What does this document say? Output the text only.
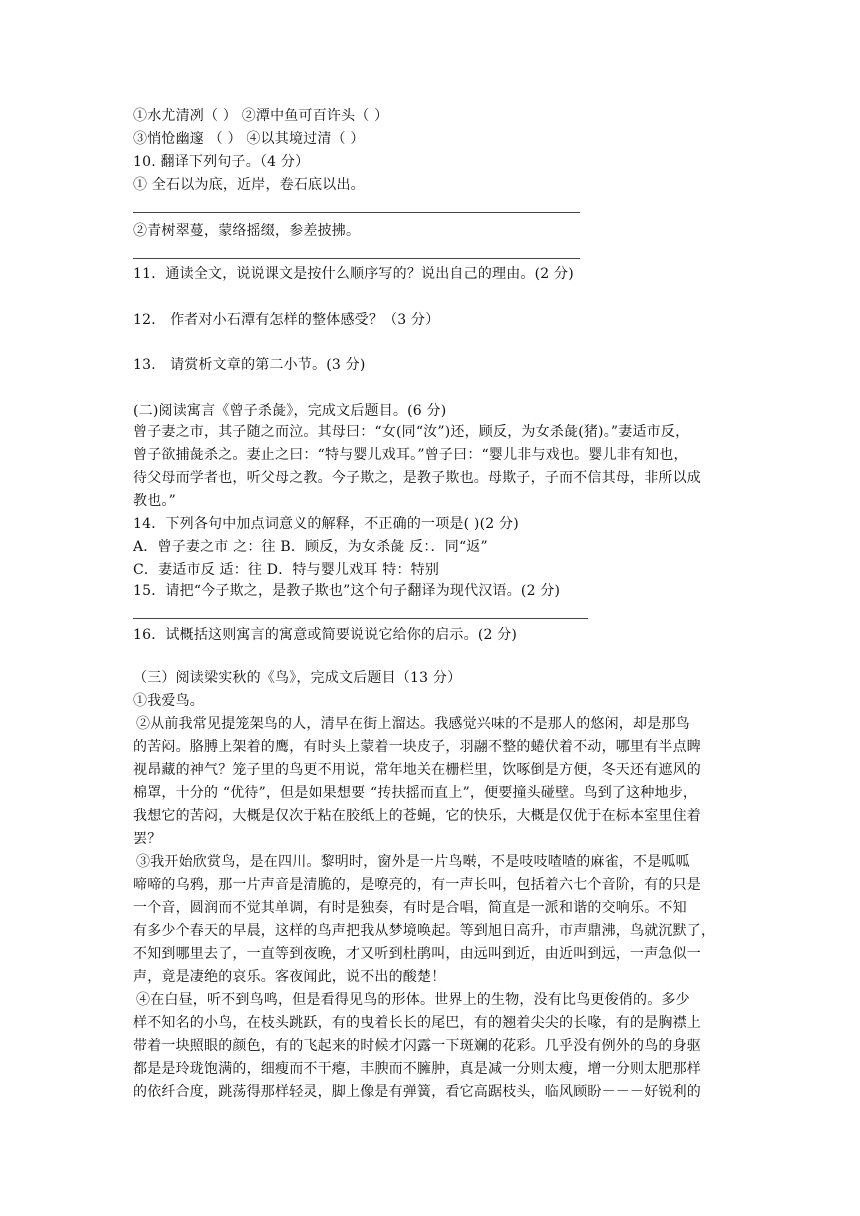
①水尤清冽（ ） ②潭中鱼可百许头（ ）
③悄怆幽邃 （ ） ④以其境过清（ ）
10. 翻译下列句子。（4 分）
① 全石以为底，近岸，卷石底以出。
②青树翠蔓，蒙络摇缀，参差披拂。
11．通读全文，说说课文是按什么顺序写的？说出自己的理由。(2 分)
12． 作者对小石潭有怎样的整体感受？（3 分）
13． 请赏析文章的第二小节。(3 分)
(二)阅读寓言《曾子杀彘》，完成文后题目。(6 分)
曾子妻之市，其子随之而泣。其母曰：“女(同“汝”)还，顾反，为女杀彘(猪)。”妻适市反，
曾子欲捕彘杀之。妻止之曰：“特与婴儿戏耳。”曾子曰：“婴儿非与戏也。婴儿非有知也，
待父母而学者也，听父母之教。今子欺之，是教子欺也。母欺子，子而不信其母，非所以成
教也。”
14．下列各句中加点词意义的解释，不正确的一项是( )(2 分)
A．曾子妻之市 之：往 B．顾反，为女杀彘 反：．同“返”
C．妻适市反 适：往 D．特与婴儿戏耳 特：特别
15．请把“今子欺之，是教子欺也”这个句子翻译为现代汉语。(2 分)
16．试概括这则寓言的寓意或简要说说它给你的启示。(2 分)
（三）阅读梁实秋的《鸟》，完成文后题目（13 分）
①我爱鸟。
②从前我常见提笼架鸟的人，清早在街上溜达。我感觉兴味的不是那人的悠闲，却是那鸟
的苦闷。胳膊上架着的鹰，有时头上蒙着一块皮子，羽翮不整的蜷伏着不动，哪里有半点睥
视昂藏的神气？笼子里的鸟更不用说，常年地关在栅栏里，饮啄倒是方便，冬天还有遮风的
棉罩，十分的 “优待”，但是如果想要 “抟扶摇而直上”，便要撞头碰壁。鸟到了这种地步，
我想它的苦闷，大概是仅次于粘在胶纸上的苍蝇，它的快乐，大概是仅优于在标本室里住着
罢？
③我开始欣赏鸟，是在四川。黎明时，窗外是一片鸟啭，不是吱吱喳喳的麻雀，不是呱呱
啼啼的乌鸦，那一片声音是清脆的，是嘹亮的，有一声长叫，包括着六七个音阶，有的只是
一个音，圆润而不觉其单调，有时是独奏，有时是合唱，简直是一派和谐的交响乐。不知
有多少个春天的早晨，这样的鸟声把我从梦境唤起。等到旭日高升，市声鼎沸，鸟就沉默了，
不知到哪里去了，一直等到夜晚，才又听到杜鹃叫，由远叫到近，由近叫到远，一声急似一
声，竟是凄绝的哀乐。客夜闻此，说不出的酸楚！
④在白昼，听不到鸟鸣，但是看得见鸟的形体。世界上的生物，没有比鸟更俊俏的。多少
样不知名的小鸟，在枝头跳跃，有的曳着长长的尾巴，有的翘着尖尖的长喙，有的是胸襟上
带着一块照眼的颜色，有的飞起来的时候才闪露一下斑斓的花彩。几乎没有例外的鸟的身驱
都是是玲珑饱满的，细瘦而不干瘪，丰腴而不臃肿，真是减一分则太瘦，增一分则太肥那样
的依纤合度，跳荡得那样轻灵，脚上像是有弹簧，看它高踞枝头，临风顾盼－－－好锐利的
